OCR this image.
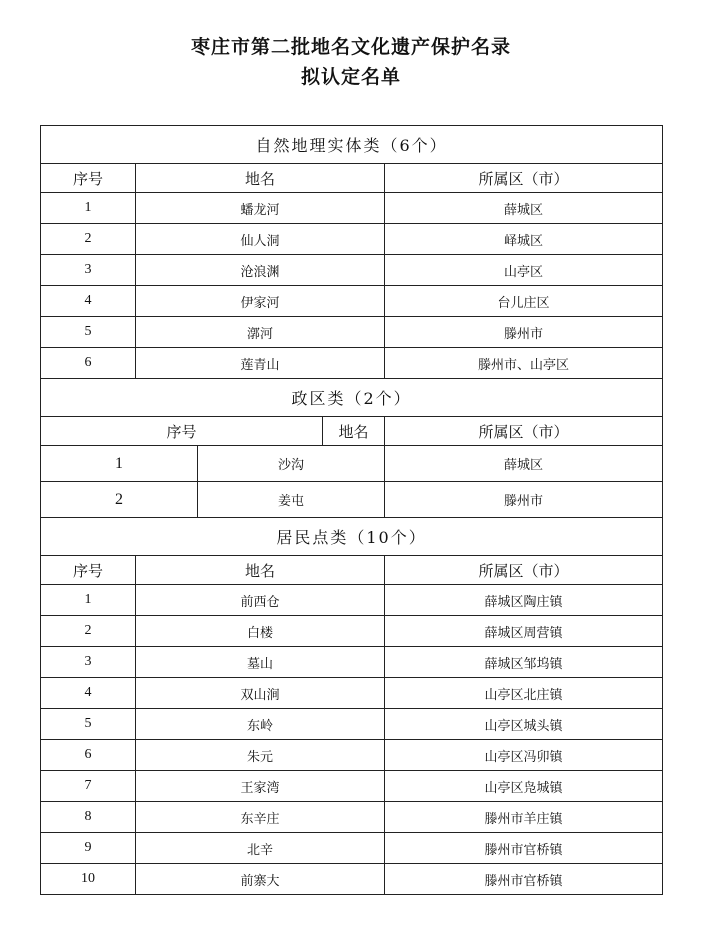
枣庄市第二批地名文化遗产保护名录
拟认定名单
自然地理实体类（6个）				
序号	地名			所属区（市）
1	蟠龙河			薛城区
2	仙人洞			峄城区
3	沧浪渊			山亭区
4	伊家河			台儿庄区
5	漷河			滕州市
6	莲青山			滕州市、山亭区
政区类（2个）				
序号			地名	所属区（市）
1		沙沟		薛城区
2		姜屯		滕州市
居民点类（10个）				
序号	地名			所属区（市）
1	前西仓			薛城区陶庄镇
2	白楼			薛城区周营镇
3	墓山			薛城区邹坞镇
4	双山涧			山亭区北庄镇
5	东岭			山亭区城头镇
6	朱元			山亭区冯卯镇
7	王家湾			山亭区凫城镇
8	东辛庄			滕州市羊庄镇
9	北辛			滕州市官桥镇
10	前寨大			滕州市官桥镇
